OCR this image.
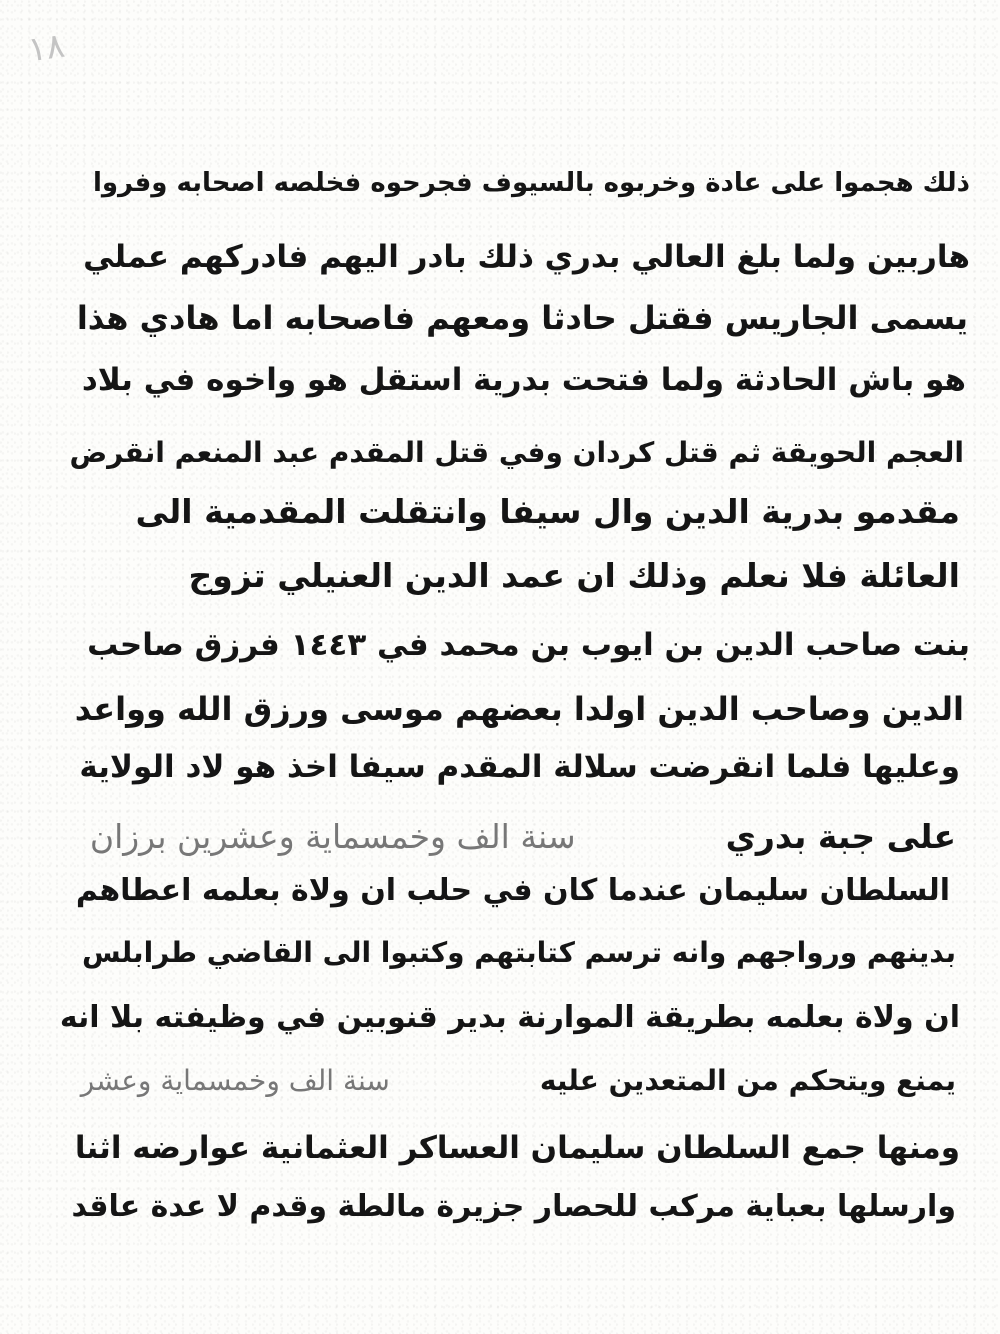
١٨
ذلك هجموا على عادة وخربوه بالسيوف فجرحوه فخلصه اصحابه وفروا
هاربين ولما بلغ العالي بدري ذلك بادر اليهم فادركهم عملي
يسمى الجاريس فقتل حادثا ومعهم فاصحابه اما هادي هذا
هو باش الحادثة ولما فتحت بدرية استقل هو واخوه في بلاد
العجم الحويقة ثم قتل كردان وفي قتل المقدم عبد المنعم انقرض
مقدمو بدرية الدين وال سيفا وانتقلت المقدمية الى
العائلة فلا نعلم وذلك ان عمد الدين العنيلي تزوج
بنت صاحب الدين بن ايوب بن محمد في ١٤٤٣ فرزق صاحب
الدين وصاحب الدين اولدا بعضهم موسى ورزق الله وواعد
وعليها فلما انقرضت سلالة المقدم سيفا اخذ هو لاد الولاية
على جبة بدريسنة الف وخمسماية وعشرين برزان
السلطان سليمان عندما كان في حلب ان ولاة بعلمه اعطاهم
بدينهم ورواجهم وانه ترسم كتابتهم وكتبوا الى القاضي طرابلس
ان ولاة بعلمه بطريقة الموارنة بدير قنوبين في وظيفته بلا انه
يمنع ويتحكم من المتعدين عليهسنة الف وخمسماية وعشر
ومنها جمع السلطان سليمان العساكر العثمانية عوارضه اثنا
وارسلها بعباية مركب للحصار جزيرة مالطة وقدم لا عدة عاقد
